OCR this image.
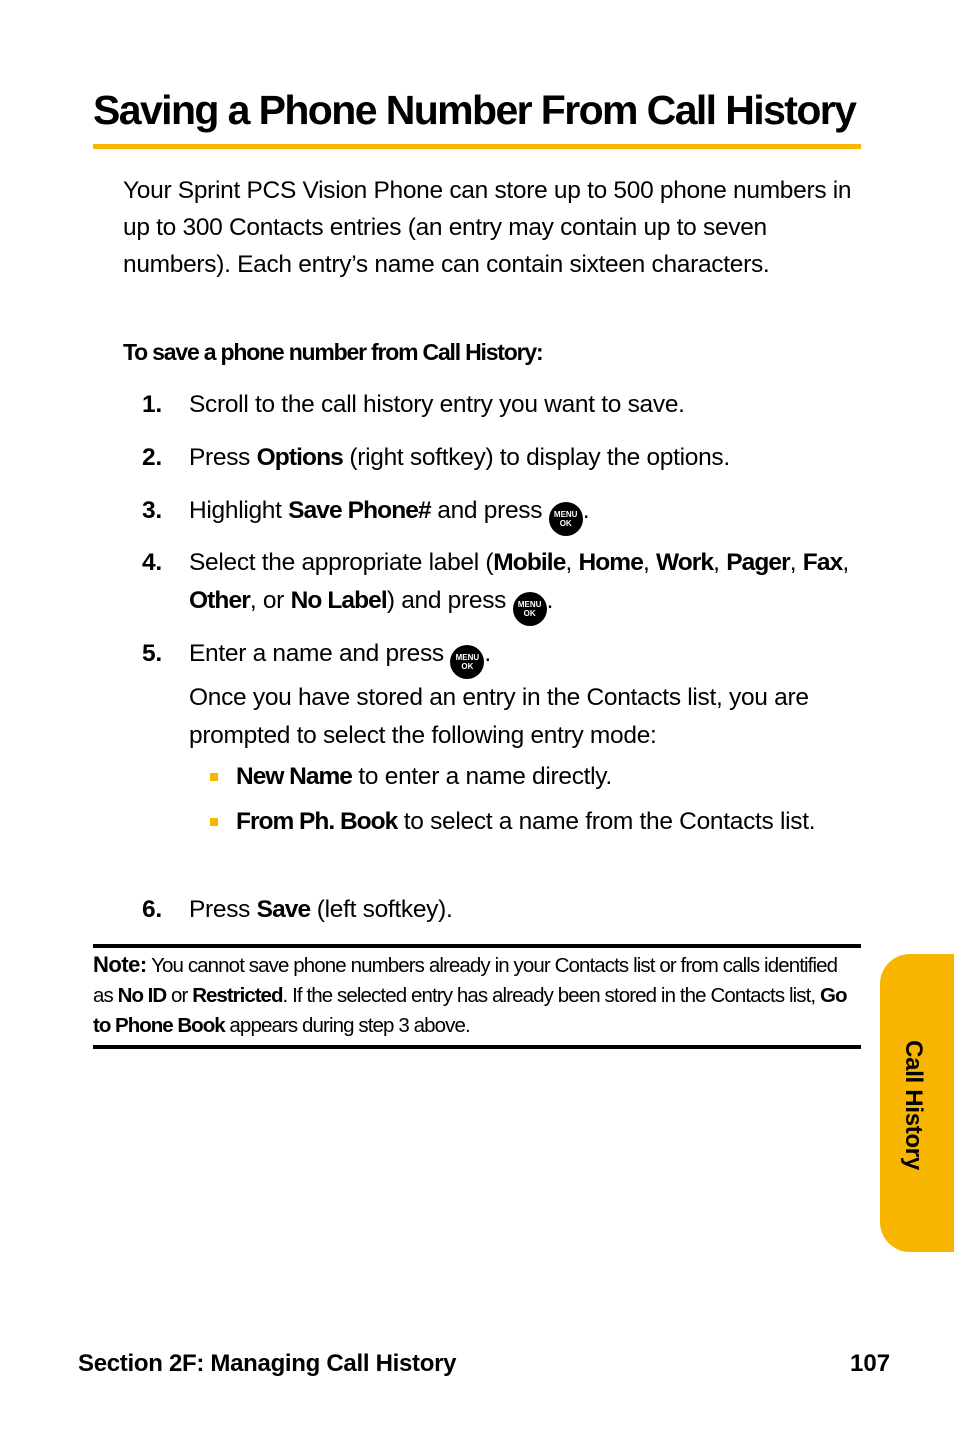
Saving a Phone Number From Call History
Your Sprint PCS Vision Phone can store up to 500 phone numbers in up to 300 Contacts entries (an entry may contain up to seven numbers). Each entry’s name can contain sixteen characters.
To save a phone number from Call History:
1. Scroll to the call history entry you want to save.
2. Press Options (right softkey) to display the options.
3. Highlight Save Phone# and press MENU
OK .
4. Select the appropriate label (Mobile, Home, Work, Pager, Fax, Other, or No Label) and press MENU
OK .
5. Enter a name and press MENU
OK .
Once you have stored an entry in the Contacts list, you are prompted to select the following entry mode:
New Name to enter a name directly.
From Ph. Book to select a name from the Contacts list.
6. Press Save (left softkey).
Note: You cannot save phone numbers already in your Contacts list or from calls identified as No ID or Restricted. If the selected entry has already been stored in the Contacts list, Go to Phone Book appears during step 3 above.
Call History
Section 2F: Managing Call History	107
